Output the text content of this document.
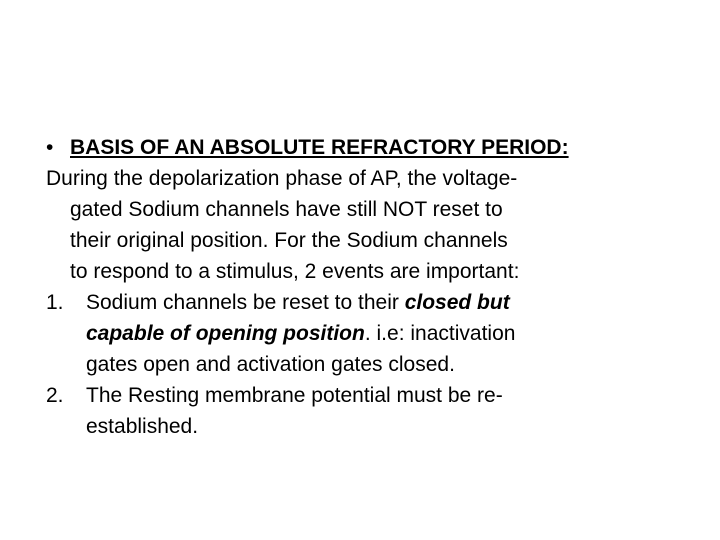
• BASIS OF AN ABSOLUTE REFRACTORY PERIOD:
During the depolarization phase of AP, the voltage-
gated Sodium channels have still NOT reset to
their original position. For the Sodium channels
to respond to a stimulus, 2 events are important:
1. Sodium channels be reset to their closed but
capable of opening position. i.e: inactivation
gates open and activation gates closed.
2. The Resting membrane potential must be re-
established.
